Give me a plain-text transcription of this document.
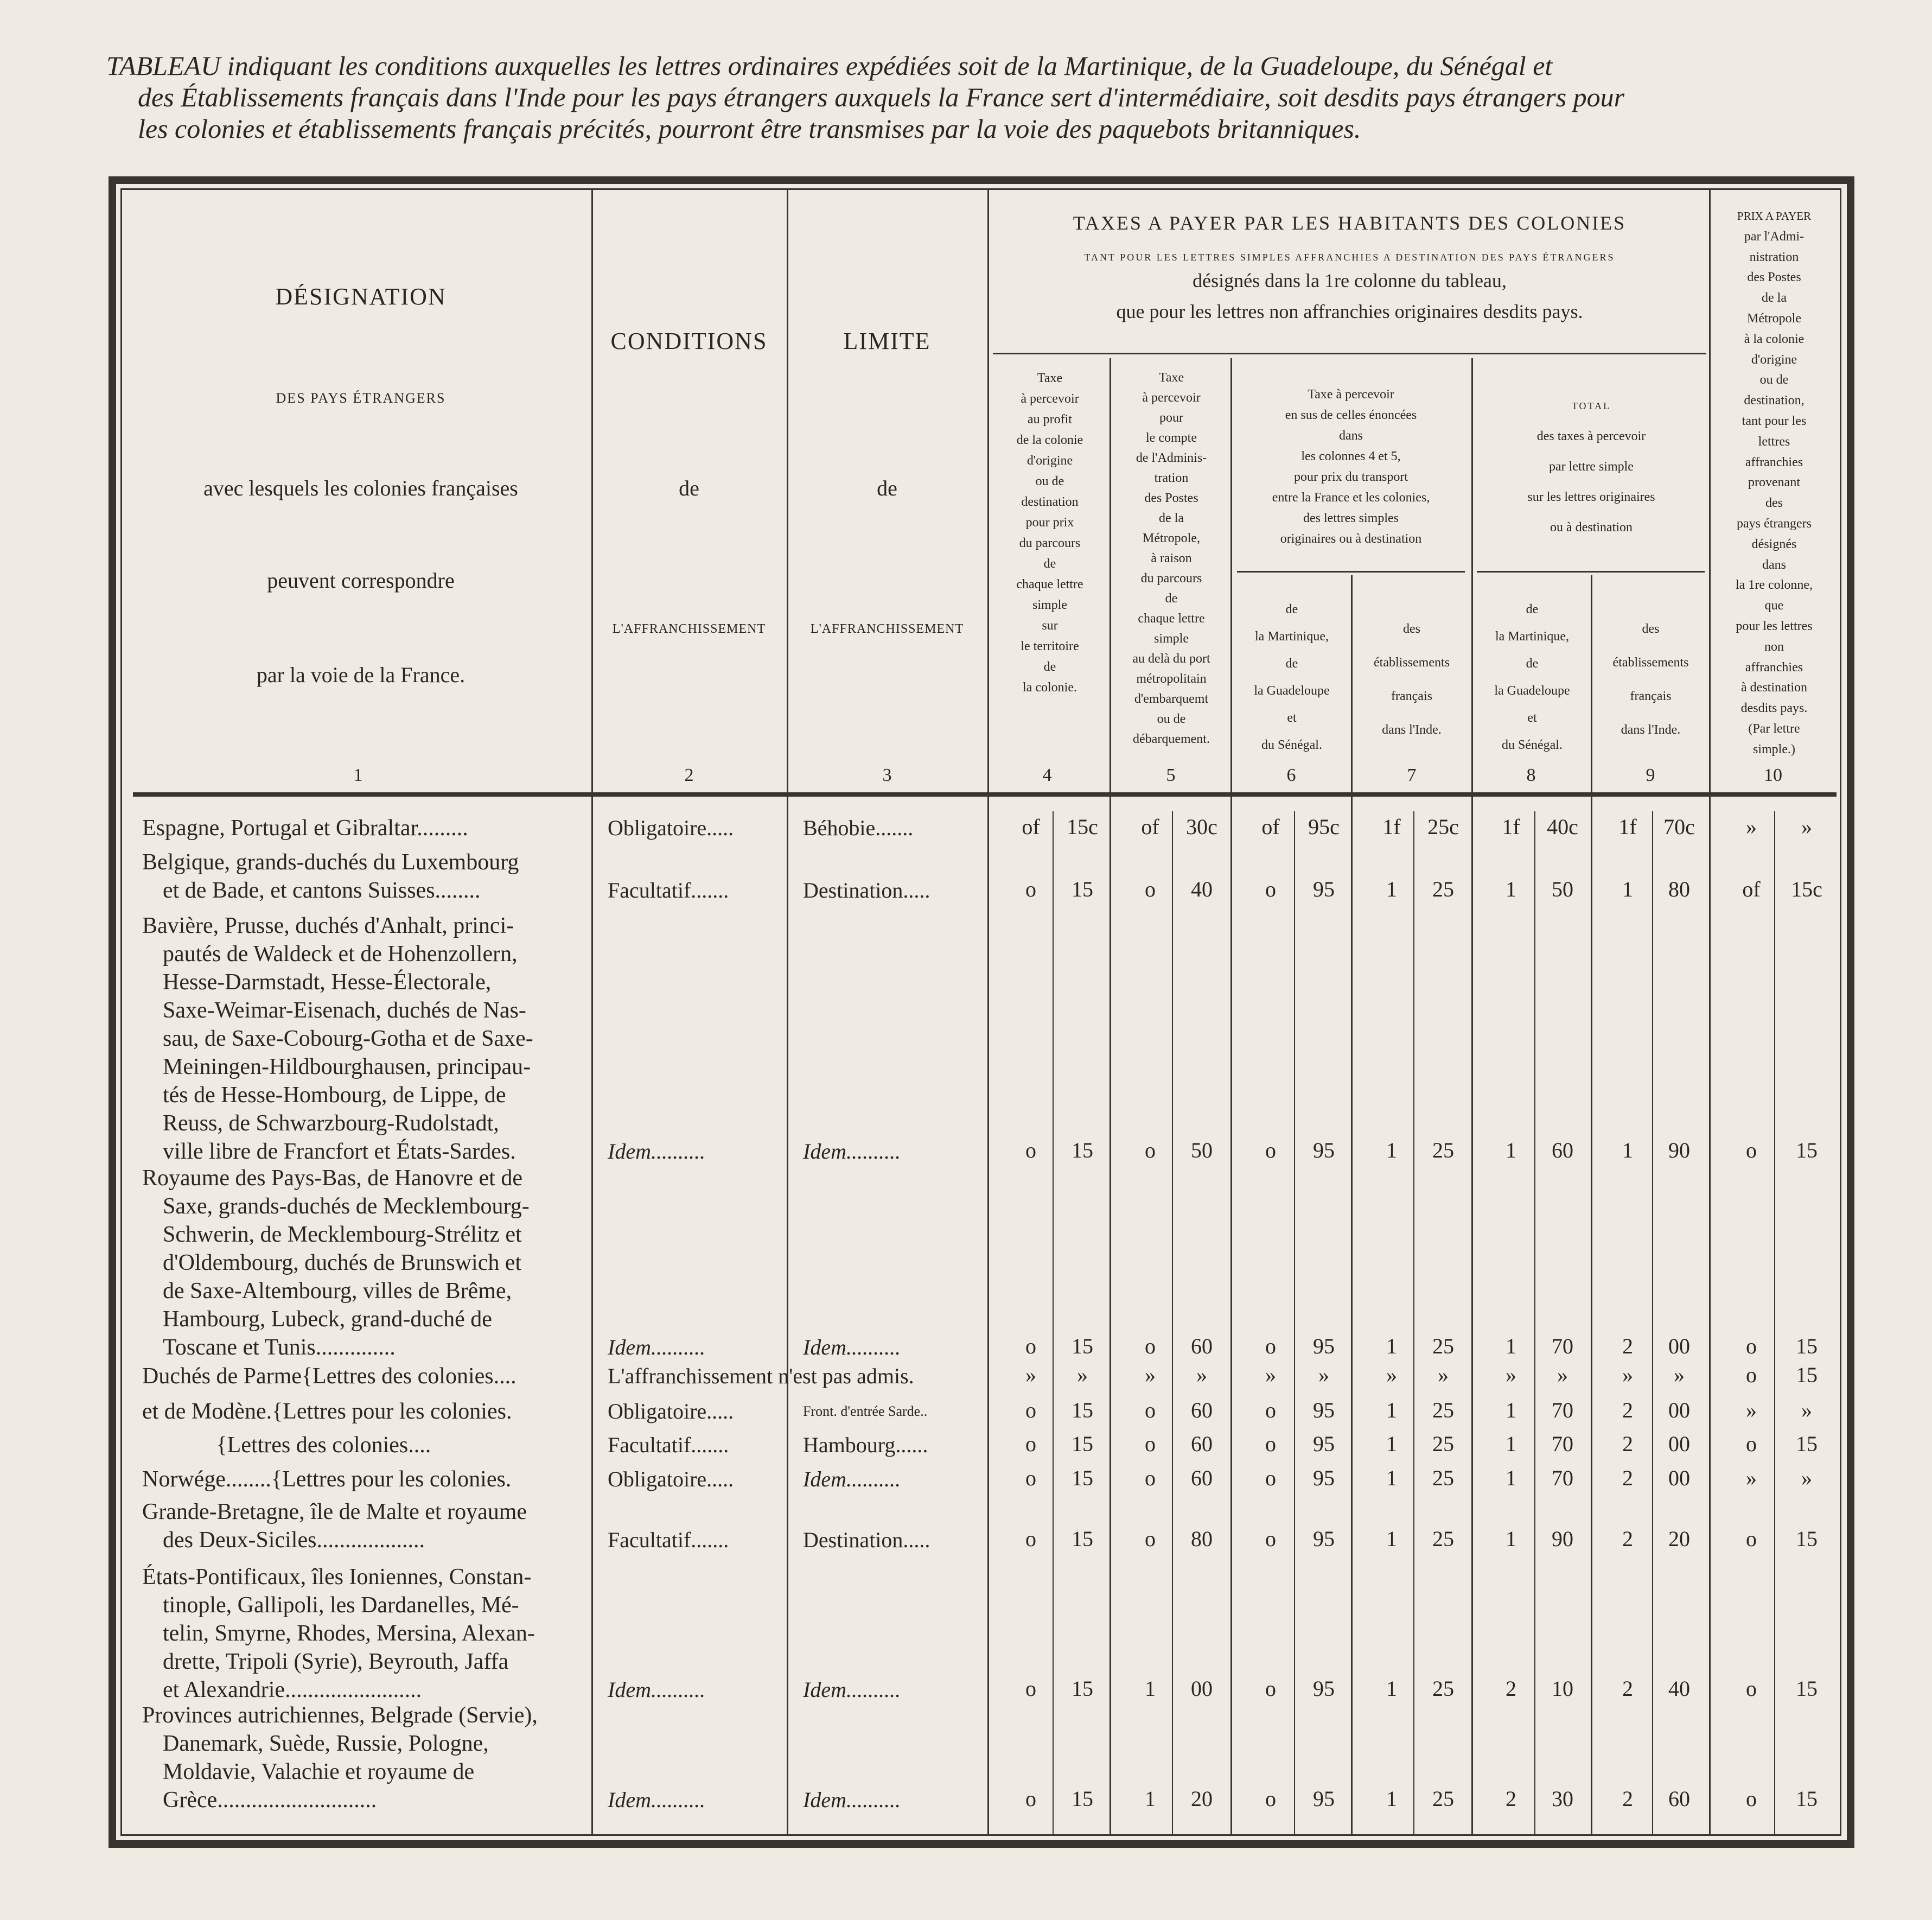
TABLEAU indiquant les conditions auxquelles les lettres ordinaires expédiées soit de la Martinique, de la Guadeloupe, du Sénégal et
des Établissements français dans l'Inde pour les pays étrangers auxquels la France sert d'intermédiaire, soit desdits pays étrangers pour
les colonies et établissements français précités, pourront être transmises par la voie des paquebots britanniques.
DÉSIGNATION
DES PAYS ÉTRANGERS
avec lesquels les colonies françaises
peuvent correspondre
par la voie de la France.
1
CONDITIONS
de
L'AFFRANCHISSEMENT
2
LIMITE
de
L'AFFRANCHISSEMENT
3
TAXES A PAYER PAR LES HABITANTS DES COLONIES
TANT POUR LES LETTRES SIMPLES AFFRANCHIES A DESTINATION DES PAYS ÉTRANGERS
désignés dans la 1re colonne du tableau,
que pour les lettres non affranchies originaires desdits pays.
Taxe
à percevoir
au profit
de la colonie
d'origine
ou de
destination
pour prix
du parcours
de
chaque lettre
simple
sur
le territoire
de
la colonie.
4
Taxe
à percevoir
pour
le compte
de l'Adminis-
tration
des Postes
de la
Métropole,
à raison
du parcours
de
chaque lettre
simple
au delà du port
métropolitain
d'embarquemt
ou de
débarquement.
5
Taxe à percevoir
en sus de celles énoncées
dans
les colonnes 4 et 5,
pour prix du transport
entre la France et les colonies,
des lettres simples
originaires ou à destination
de
la Martinique,
de
la Guadeloupe
et
du Sénégal.
des
établissements
français
dans l'Inde.
6	7
TOTAL
des taxes à percevoir
par lettre simple
sur les lettres originaires
ou à destination
de
la Martinique,
de
la Guadeloupe
et
du Sénégal.
des
établissements
français
dans l'Inde.
8	9
PRIX A PAYER
par l'Admi-
nistration
des Postes
de la
Métropole
à la colonie
d'origine
ou de
destination,
tant pour les
lettres
affranchies
provenant
des
pays étrangers
désignés
dans
la 1re colonne,
que
pour les lettres
non
affranchies
à destination
desdits pays.
(Par lettre
simple.)
10
Espagne, Portugal et Gibraltar.........	Obligatoire.....	Béhobie.......	of	15c	of	30c	of	95c	1f	25c	1f	40c	1f	70c	»	»
Belgique, grands-duchés du Luxembourg
et de Bade, et cantons Suisses........	Facultatif.......	Destination.....	o	15	o	40	o	95	1	25	1	50	1	80	of	15c
Bavière, Prusse, duchés d'Anhalt, princi-
pautés de Waldeck et de Hohenzollern,
Hesse-Darmstadt, Hesse-Électorale,
Saxe-Weimar-Eisenach, duchés de Nas-
sau, de Saxe-Cobourg-Gotha et de Saxe-
Meiningen-Hildbourghausen, principau-
tés de Hesse-Hombourg, de Lippe, de
Reuss, de Schwarzbourg-Rudolstadt,
ville libre de Francfort et États-Sardes.	Idem..........	Idem..........	o	15	o	50	o	95	1	25	1	60	1	90	o	15
Royaume des Pays-Bas, de Hanovre et de
Saxe, grands-duchés de Mecklembourg-
Schwerin, de Mecklembourg-Strélitz et
d'Oldembourg, duchés de Brunswich et
de Saxe-Altembourg, villes de Brême,
Hambourg, Lubeck, grand-duché de
Toscane et Tunis..............	Idem..........	Idem..........	o	15	o	60	o	95	1	25	1	70	2	00	o	15
Duchés de Parme{Lettres des colonies....	L'affranchissement n'est pas admis.	»	»	»	»	»	»	»	»	»	»	»	»	o	15
et de Modène.{Lettres pour les colonies.	Obligatoire.....	Front. d'entrée Sarde..	o	15	o	60	o	95	1	25	1	70	2	00	»	»
{Lettres des colonies....	Facultatif.......	Hambourg......	o	15	o	60	o	95	1	25	1	70	2	00	o	15
Norwége........{Lettres pour les colonies.	Obligatoire.....	Idem..........	o	15	o	60	o	95	1	25	1	70	2	00	»	»
Grande-Bretagne, île de Malte et royaume
des Deux-Siciles...................	Facultatif.......	Destination.....	o	15	o	80	o	95	1	25	1	90	2	20	o	15
États-Pontificaux, îles Ioniennes, Constan-
tinople, Gallipoli, les Dardanelles, Mé-
telin, Smyrne, Rhodes, Mersina, Alexan-
drette, Tripoli (Syrie), Beyrouth, Jaffa
et Alexandrie........................	Idem..........	Idem..........	o	15	1	00	o	95	1	25	2	10	2	40	o	15
Provinces autrichiennes, Belgrade (Servie),
Danemark, Suède, Russie, Pologne,
Moldavie, Valachie et royaume de
Grèce............................	Idem..........	Idem..........	o	15	1	20	o	95	1	25	2	30	2	60	o	15
